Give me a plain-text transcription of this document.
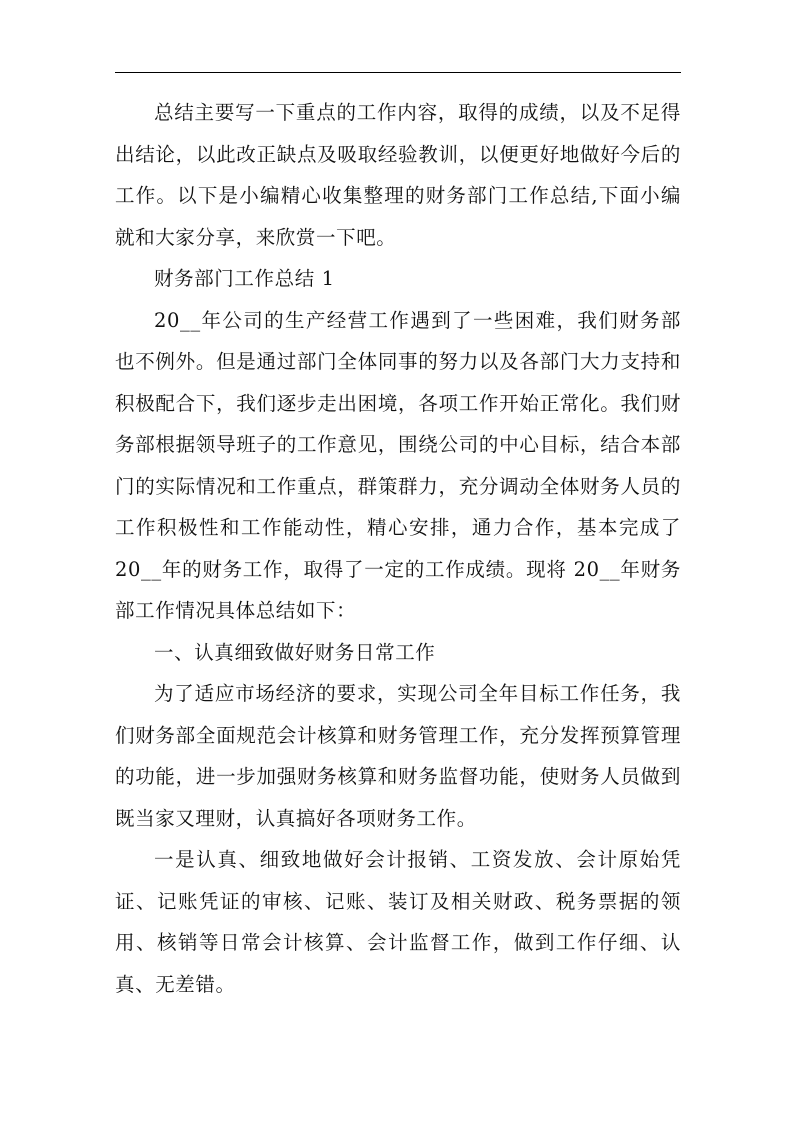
总结主要写一下重点的工作内容，取得的成绩，以及不足得出结论，以此改正缺点及吸取经验教训，以便更好地做好今后的工作。以下是小编精心收集整理的财务部门工作总结,下面小编就和大家分享，来欣赏一下吧。

财务部门工作总结 1

20__年公司的生产经营工作遇到了一些困难，我们财务部也不例外。但是通过部门全体同事的努力以及各部门大力支持和积极配合下，我们逐步走出困境，各项工作开始正常化。我们财务部根据领导班子的工作意见，围绕公司的中心目标，结合本部门的实际情况和工作重点，群策群力，充分调动全体财务人员的工作积极性和工作能动性，精心安排，通力合作，基本完成了 20__年的财务工作，取得了一定的工作成绩。现将 20__年财务部工作情况具体总结如下：

一、认真细致做好财务日常工作

为了适应市场经济的要求，实现公司全年目标工作任务，我们财务部全面规范会计核算和财务管理工作，充分发挥预算管理的功能，进一步加强财务核算和财务监督功能，使财务人员做到既当家又理财，认真搞好各项财务工作。

一是认真、细致地做好会计报销、工资发放、会计原始凭证、记账凭证的审核、记账、装订及相关财政、税务票据的领用、核销等日常会计核算、会计监督工作，做到工作仔细、认真、无差错。
